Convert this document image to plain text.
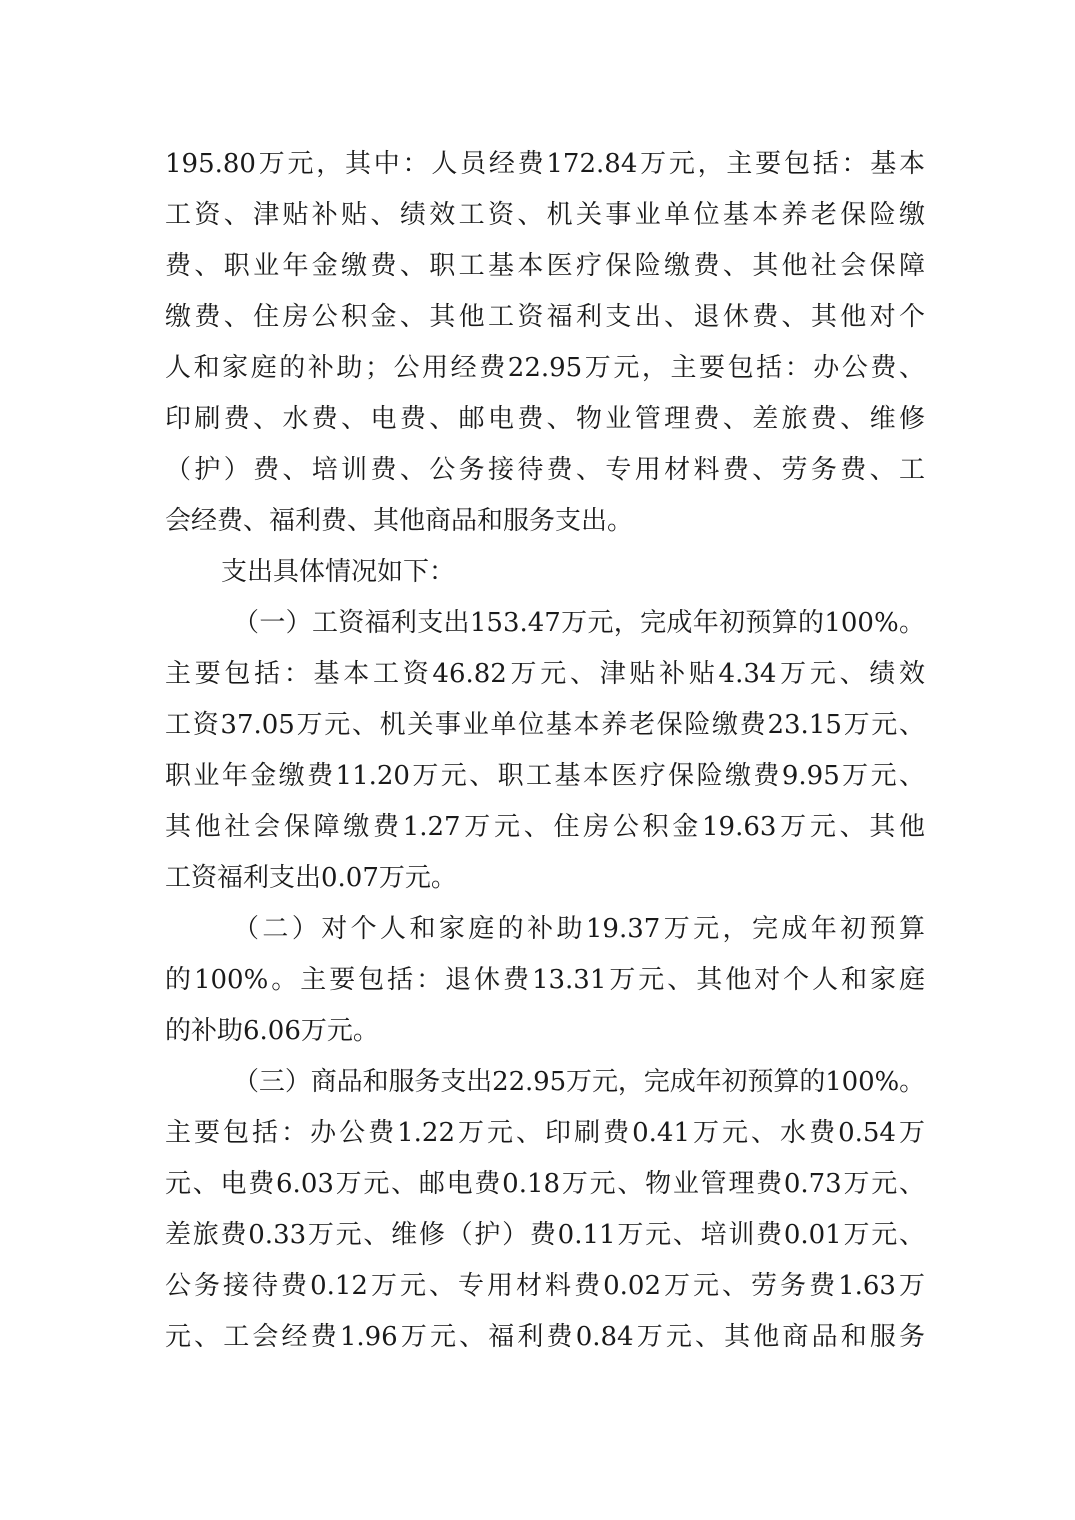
195.80万元，其中：人员经费172.84万元，主要包括：基本
工资、津贴补贴、绩效工资、机关事业单位基本养老保险缴
费、职业年金缴费、职工基本医疗保险缴费、其他社会保障
缴费、住房公积金、其他工资福利支出、退休费、其他对个
人和家庭的补助；公用经费22.95万元，主要包括：办公费、
印刷费、水费、电费、邮电费、物业管理费、差旅费、维修
（护）费、培训费、公务接待费、专用材料费、劳务费、工
会经费、福利费、其他商品和服务支出。
支出具体情况如下：
（一）工资福利支出153.47万元，完成年初预算的100%。
主要包括：基本工资46.82万元、津贴补贴4.34万元、绩效
工资37.05万元、机关事业单位基本养老保险缴费23.15万元、
职业年金缴费11.20万元、职工基本医疗保险缴费9.95万元、
其他社会保障缴费1.27万元、住房公积金19.63万元、其他
工资福利支出0.07万元。
（二）对个人和家庭的补助19.37万元，完成年初预算
的100%。主要包括：退休费13.31万元、其他对个人和家庭
的补助6.06万元。
（三）商品和服务支出22.95万元，完成年初预算的100%。
主要包括：办公费1.22万元、印刷费0.41万元、水费0.54万
元、电费6.03万元、邮电费0.18万元、物业管理费0.73万元、
差旅费0.33万元、维修（护）费0.11万元、培训费0.01万元、
公务接待费0.12万元、专用材料费0.02万元、劳务费1.63万
元、工会经费1.96万元、福利费0.84万元、其他商品和服务
